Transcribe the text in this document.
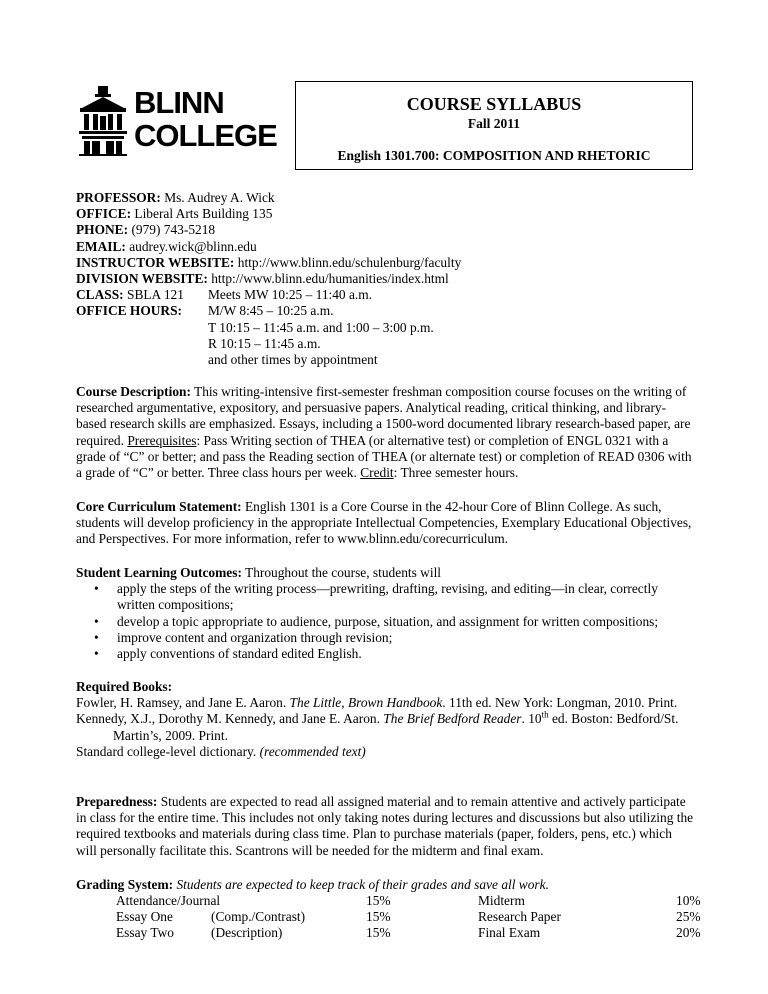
BLINN
COLLEGE
COURSE SYLLABUS
Fall 2011
English 1301.700: COMPOSITION AND RHETORIC
PROFESSOR: Ms. Audrey A. Wick
OFFICE: Liberal Arts Building 135
PHONE: (979) 743-5218
EMAIL: audrey.wick@blinn.edu
INSTRUCTOR WEBSITE: http://www.blinn.edu/schulenburg/faculty
DIVISION WEBSITE: http://www.blinn.edu/humanities/index.html
CLASS: SBLA 121 Meets MW 10:25 – 11:40 a.m.
OFFICE HOURS: M/W 8:45 – 10:25 a.m.
T 10:15 – 11:45 a.m. and 1:00 – 3:00 p.m.
R 10:15 – 11:45 a.m.
and other times by appointment

Course Description: This writing-intensive first-semester freshman composition course focuses on the writing of researched argumentative, expository, and persuasive papers. Analytical reading, critical thinking, and library-based research skills are emphasized. Essays, including a 1500-word documented library research-based paper, are required. Prerequisites: Pass Writing section of THEA (or alternative test) or completion of ENGL 0321 with a grade of “C” or better; and pass the Reading section of THEA (or alternate test) or completion of READ 0306 with a grade of “C” or better. Three class hours per week. Credit: Three semester hours.

Core Curriculum Statement: English 1301 is a Core Course in the 42-hour Core of Blinn College. As such, students will develop proficiency in the appropriate Intellectual Competencies, Exemplary Educational Objectives, and Perspectives. For more information, refer to www.blinn.edu/corecurriculum.

Student Learning Outcomes: Throughout the course, students will

• apply the steps of the writing process—prewriting, drafting, revising, and editing—in clear, correctly written compositions;
• develop a topic appropriate to audience, purpose, situation, and assignment for written compositions;
• improve content and organization through revision;
• apply conventions of standard edited English.

Required Books:

Fowler, H. Ramsey, and Jane E. Aaron. The Little, Brown Handbook. 11th ed. New York: Longman, 2010. Print.

Kennedy, X.J., Dorothy M. Kennedy, and Jane E. Aaron. The Brief Bedford Reader. 10th ed. Boston: Bedford/St. Martin’s, 2009. Print.

Standard college-level dictionary. (recommended text)

Preparedness: Students are expected to read all assigned material and to remain attentive and actively participate in class for the entire time. This includes not only taking notes during lectures and discussions but also utilizing the required textbooks and materials during class time. Plan to purchase materials (paper, folders, pens, etc.) which will personally facilitate this. Scantrons will be needed for the midterm and final exam.

Grading System: Students are expected to keep track of their grades and save all work.

Attendance/Journal	15%	Midterm	10%
Essay One	(Comp./Contrast)	15%	Research Paper	25%
Essay Two	(Description)	15%	Final Exam	20%
